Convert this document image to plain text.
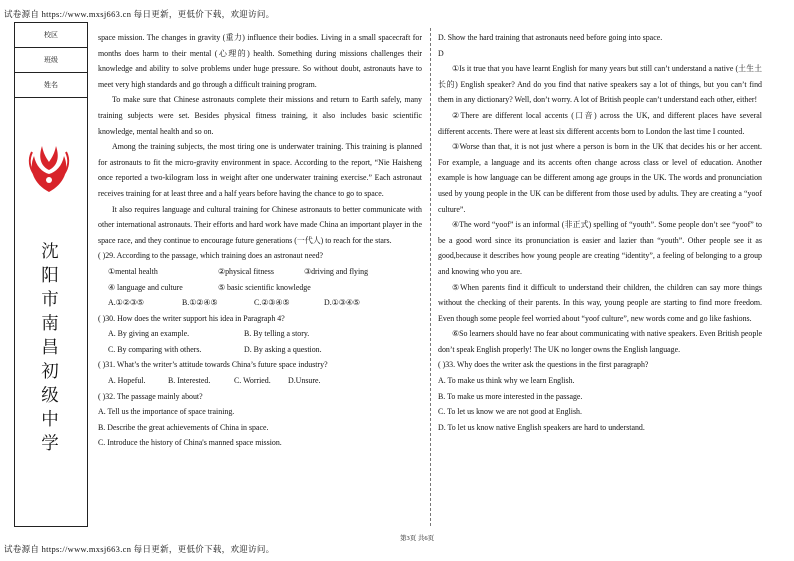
试卷源自 https://www.mxsj663.cn 每日更新，更低价下载，欢迎访问。
校区
班级
姓名
沈
阳
市
南
昌
初
级
中
学

space mission. The changes in gravity (重力) influence their bodies. Living in a small spacecraft for months does harm to their mental (心理的) health. Something during missions challenges their knowledge and ability to solve problems under huge pressure. So without doubt, astronauts have to meet very high standards and go through a difficult training program.

To make sure that Chinese astronauts complete their missions and return to Earth safely, many training subjects were set. Besides physical fitness training, it also includes basic scientific knowledge, mental health and so on.

Among the training subjects, the most tiring one is underwater training. This training is planned for astronauts to fit the micro-gravity environment in space. According to the report, “Nie Haisheng once reported a two-kilogram loss in weight after one underwater training exercise.” Each astronaut receives training for at least three and a half years before having the chance to go to space.

It also requires language and cultural training for Chinese astronauts to better communicate with other international astronauts. Their efforts and hard work have made China an important player in the space race, and they continue to encourage future generations (一代人) to reach for the stars.

( )29. According to the passage, which training does an astronaut need?

①mental health	②physical fitness	③driving and flying
④ language and culture	⑤ basic scientific knowledge
A.①②③⑤	B.①②④⑤	C.②③④⑤	D.①③④⑤

( )30. How does the writer support his idea in Paragraph 4?

A. By giving an example.	B. By telling a story.
C. By comparing with others.	D. By asking a question.

( )31. What’s the writer’s attitude towards China’s future space industry?

A. Hopeful.	B. Interested.	C. Worried.	D.Unsure.

( )32. The passage mainly about?

A. Tell us the importance of space training.

B. Describe the great achievements of China in space.

C. Introduce the history of China's manned space mission.

D. Show the hard training that astronauts need before going into space.

D

①Is it true that you have learnt English for many years but still can’t understand a native (土生土长的) English speaker? And do you find that native speakers say a lot of things, but you can’t find them in any dictionary? Well, don’t worry. A lot of British people can’t understand each other, either!

②There are different local accents (口音) across the UK, and different places have several different accents. There were at least six different accents born to London the last time I counted.

③Worse than that, it is not just where a person is born in the UK that decides his or her accent. For example, a language and its accents often change across class or level of education. Another example is how language can be different among age groups in the UK. The words and pronunciation used by young people in the UK can be different from those used by adults. They are creating a “yoof culture”.

④The word “yoof” is an informal (非正式) spelling of “youth”. Some people don’t see “yoof” to be a good word since its pronunciation is easier and lazier than “youth”. Other people see it as good,because it describes how young people are creating “identity”, a feeling of belonging to a group and knowing who you are.

⑤When parents find it difficult to understand their children, the children can say more things without the checking of their parents. In this way, young people are starting to find more freedom. Even though some people feel worried about “yoof culture”, new words come and go like fashions.

⑥So learners should have no fear about communicating with native speakers. Even British people don’t speak English properly! The UK no longer owns the English language.

( )33. Why does the writer ask the questions in the first paragraph?

A. To make us think why we learn English.

B. To make us more interested in the passage.

C. To let us know we are not good at English.

D. To let us know native English speakers are hard to understand.

第3页 共6页
试卷源自 https://www.mxsj663.cn 每日更新，更低价下载，欢迎访问。
